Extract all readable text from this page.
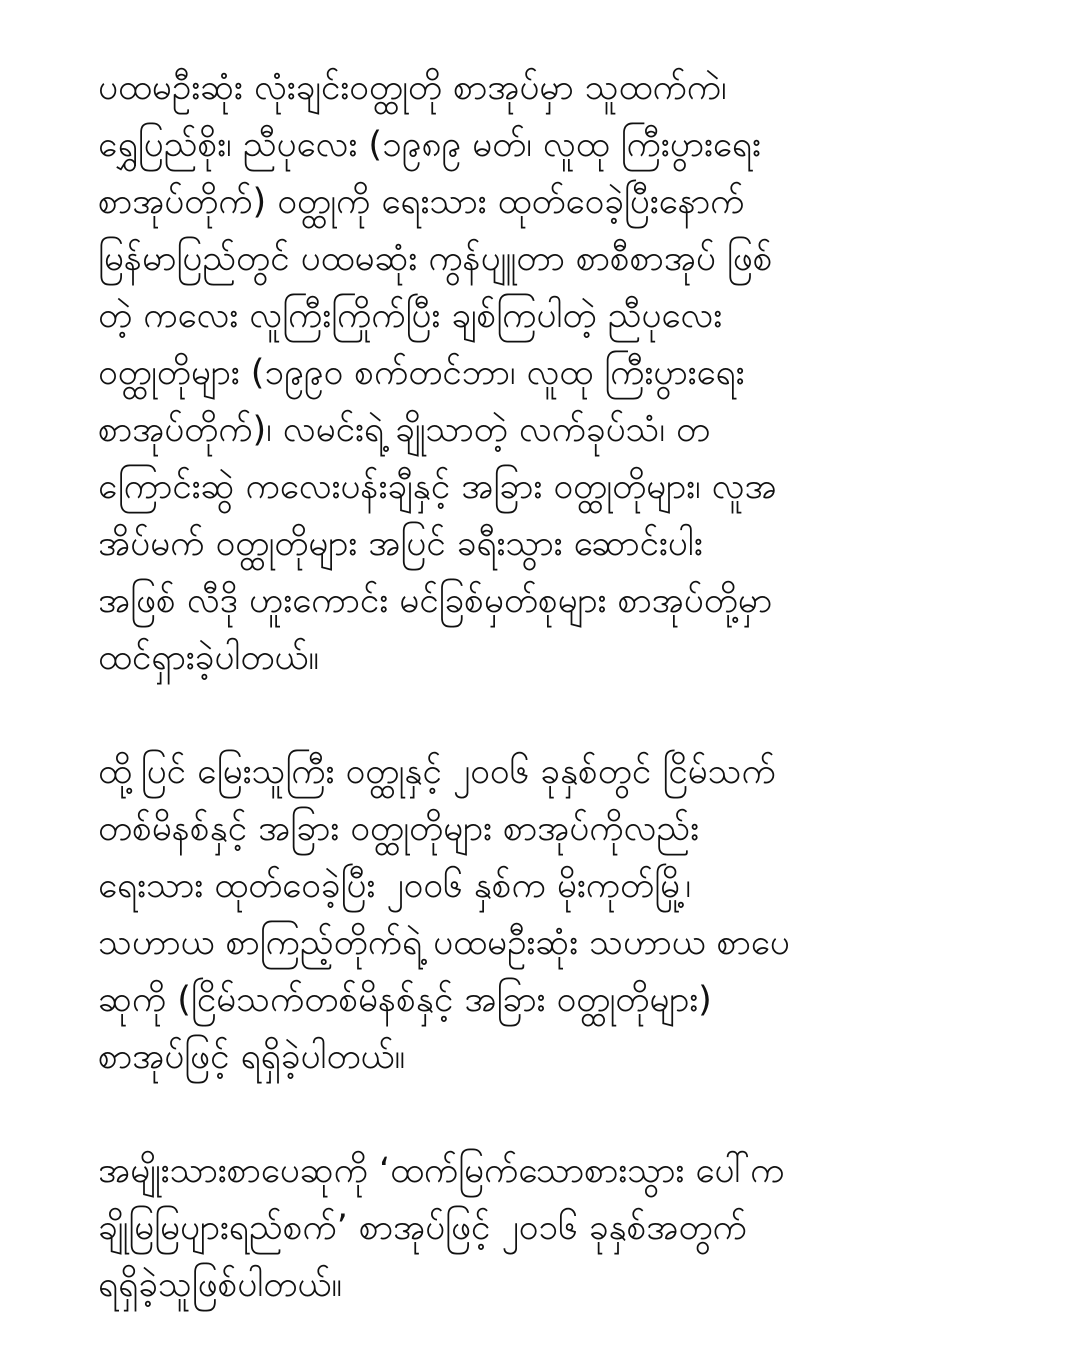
ပထမဦးဆုံး လုံးချင်းဝတ္ထုတို စာအုပ်မှာ သူထက်ကဲ၊
ရွှေပြည်စိုး၊ ညီပုလေး (၁၉၈၉ မတ်၊ လူထု ကြီးပွားရေး
စာအုပ်တိုက်) ဝတ္ထုကို ရေးသား ထုတ်ဝေခဲ့ပြီးနောက်
မြန်မာပြည်တွင် ပထမဆုံး ကွန်ပျူတာ စာစီစာအုပ် ဖြစ်
တဲ့ ကလေး လူကြီးကြိုက်ပြီး ချစ်ကြပါတဲ့ ညီပုလေး
ဝတ္ထုတိုများ (၁၉၉၀ စက်တင်ဘာ၊ လူထု ကြီးပွားရေး
စာအုပ်တိုက်)၊ လမင်းရဲ့ ချိုသာတဲ့ လက်ခုပ်သံ၊ တ
ကြောင်းဆွဲ ကလေးပန်းချီနှင့် အခြား ဝတ္ထုတိုများ၊ လူအ
အိပ်မက် ဝတ္ထုတိုများ အပြင် ခရီးသွား ဆောင်းပါး
အဖြစ် လီဒို ဟူးကောင်း မင်ခြစ်မှတ်စုများ စာအုပ်တို့မှာ
ထင်ရှားခဲ့ပါတယ်။
ထို့ပြင် မြေးသူကြီး ဝတ္ထုနှင့် ၂၀၀၆ ခုနှစ်တွင် ငြိမ်သက်
တစ်မိနစ်နှင့် အခြား ဝတ္ထုတိုများ စာအုပ်ကိုလည်း
ရေးသား ထုတ်ဝေခဲ့ပြီး ၂၀၀၆ နှစ်က မိုးကုတ်မြို့၊
သဟာယ စာကြည့်တိုက်ရဲ့ ပထမဦးဆုံး သဟာယ စာပေ
ဆုကို (ငြိမ်သက်တစ်မိနစ်နှင့် အခြား ဝတ္ထုတိုများ)
စာအုပ်ဖြင့် ရရှိခဲ့ပါတယ်။
အမျိုးသားစာပေဆုကို ‘ထက်မြက်သောစားသွား ပေါ်က
ချိုမြမြပျားရည်စက်’ စာအုပ်ဖြင့် ၂၀၁၆ ခုနှစ်အတွက်
ရရှိခဲ့သူဖြစ်ပါတယ်။
